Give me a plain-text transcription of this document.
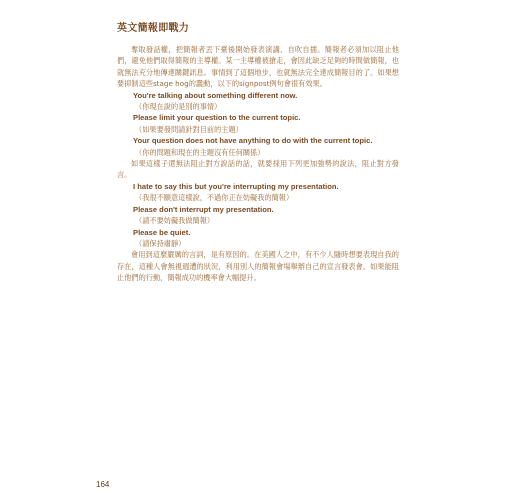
英文簡報即戰力

奪取發話權，把簡報者丟下臺後開始發表演講、自吹自擂。簡報者必須加以阻止他們，避免他們取得簡報的主導權。某一主導權被搶走，會因此缺乏足夠的時間做簡報，也就無法充分地傳達關鍵訊息。事情到了這個地步，也就無法完全達成簡報目的了。如果想要抑制這些stage hog的蠢動，以下的signpost例句會很有效果。

You're talking about something different now.

（你現在說的是別的事情）

Please limit your question to the current topic.

（如果要發問請針對目前的主題）

Your question does not have anything to do with the current topic.

（你的問題和現在的主題沒有任何關係）

如果這樣子還無法阻止對方說話的話，就要採用下列更加強勢的說法，阻止對方發言。

I hate to say this but you're interrupting my presentation.

（我很不願意這樣說，不過你正在妨礙我的簡報）

Please don't interrupt my presentation.

（請不要妨礙我做簡報）

Please be quiet.

（請保持肅靜）

會用到這麼嚴厲的言詞，是有原因的。在美國人之中，有不少人隨時想要表現自我的存在，這種人會無視週遭的狀況，利用別人的簡報會場舉辦自己的宣言發表會。如果能阻止他們的行動，簡報成功的機率會大幅提升。

164
